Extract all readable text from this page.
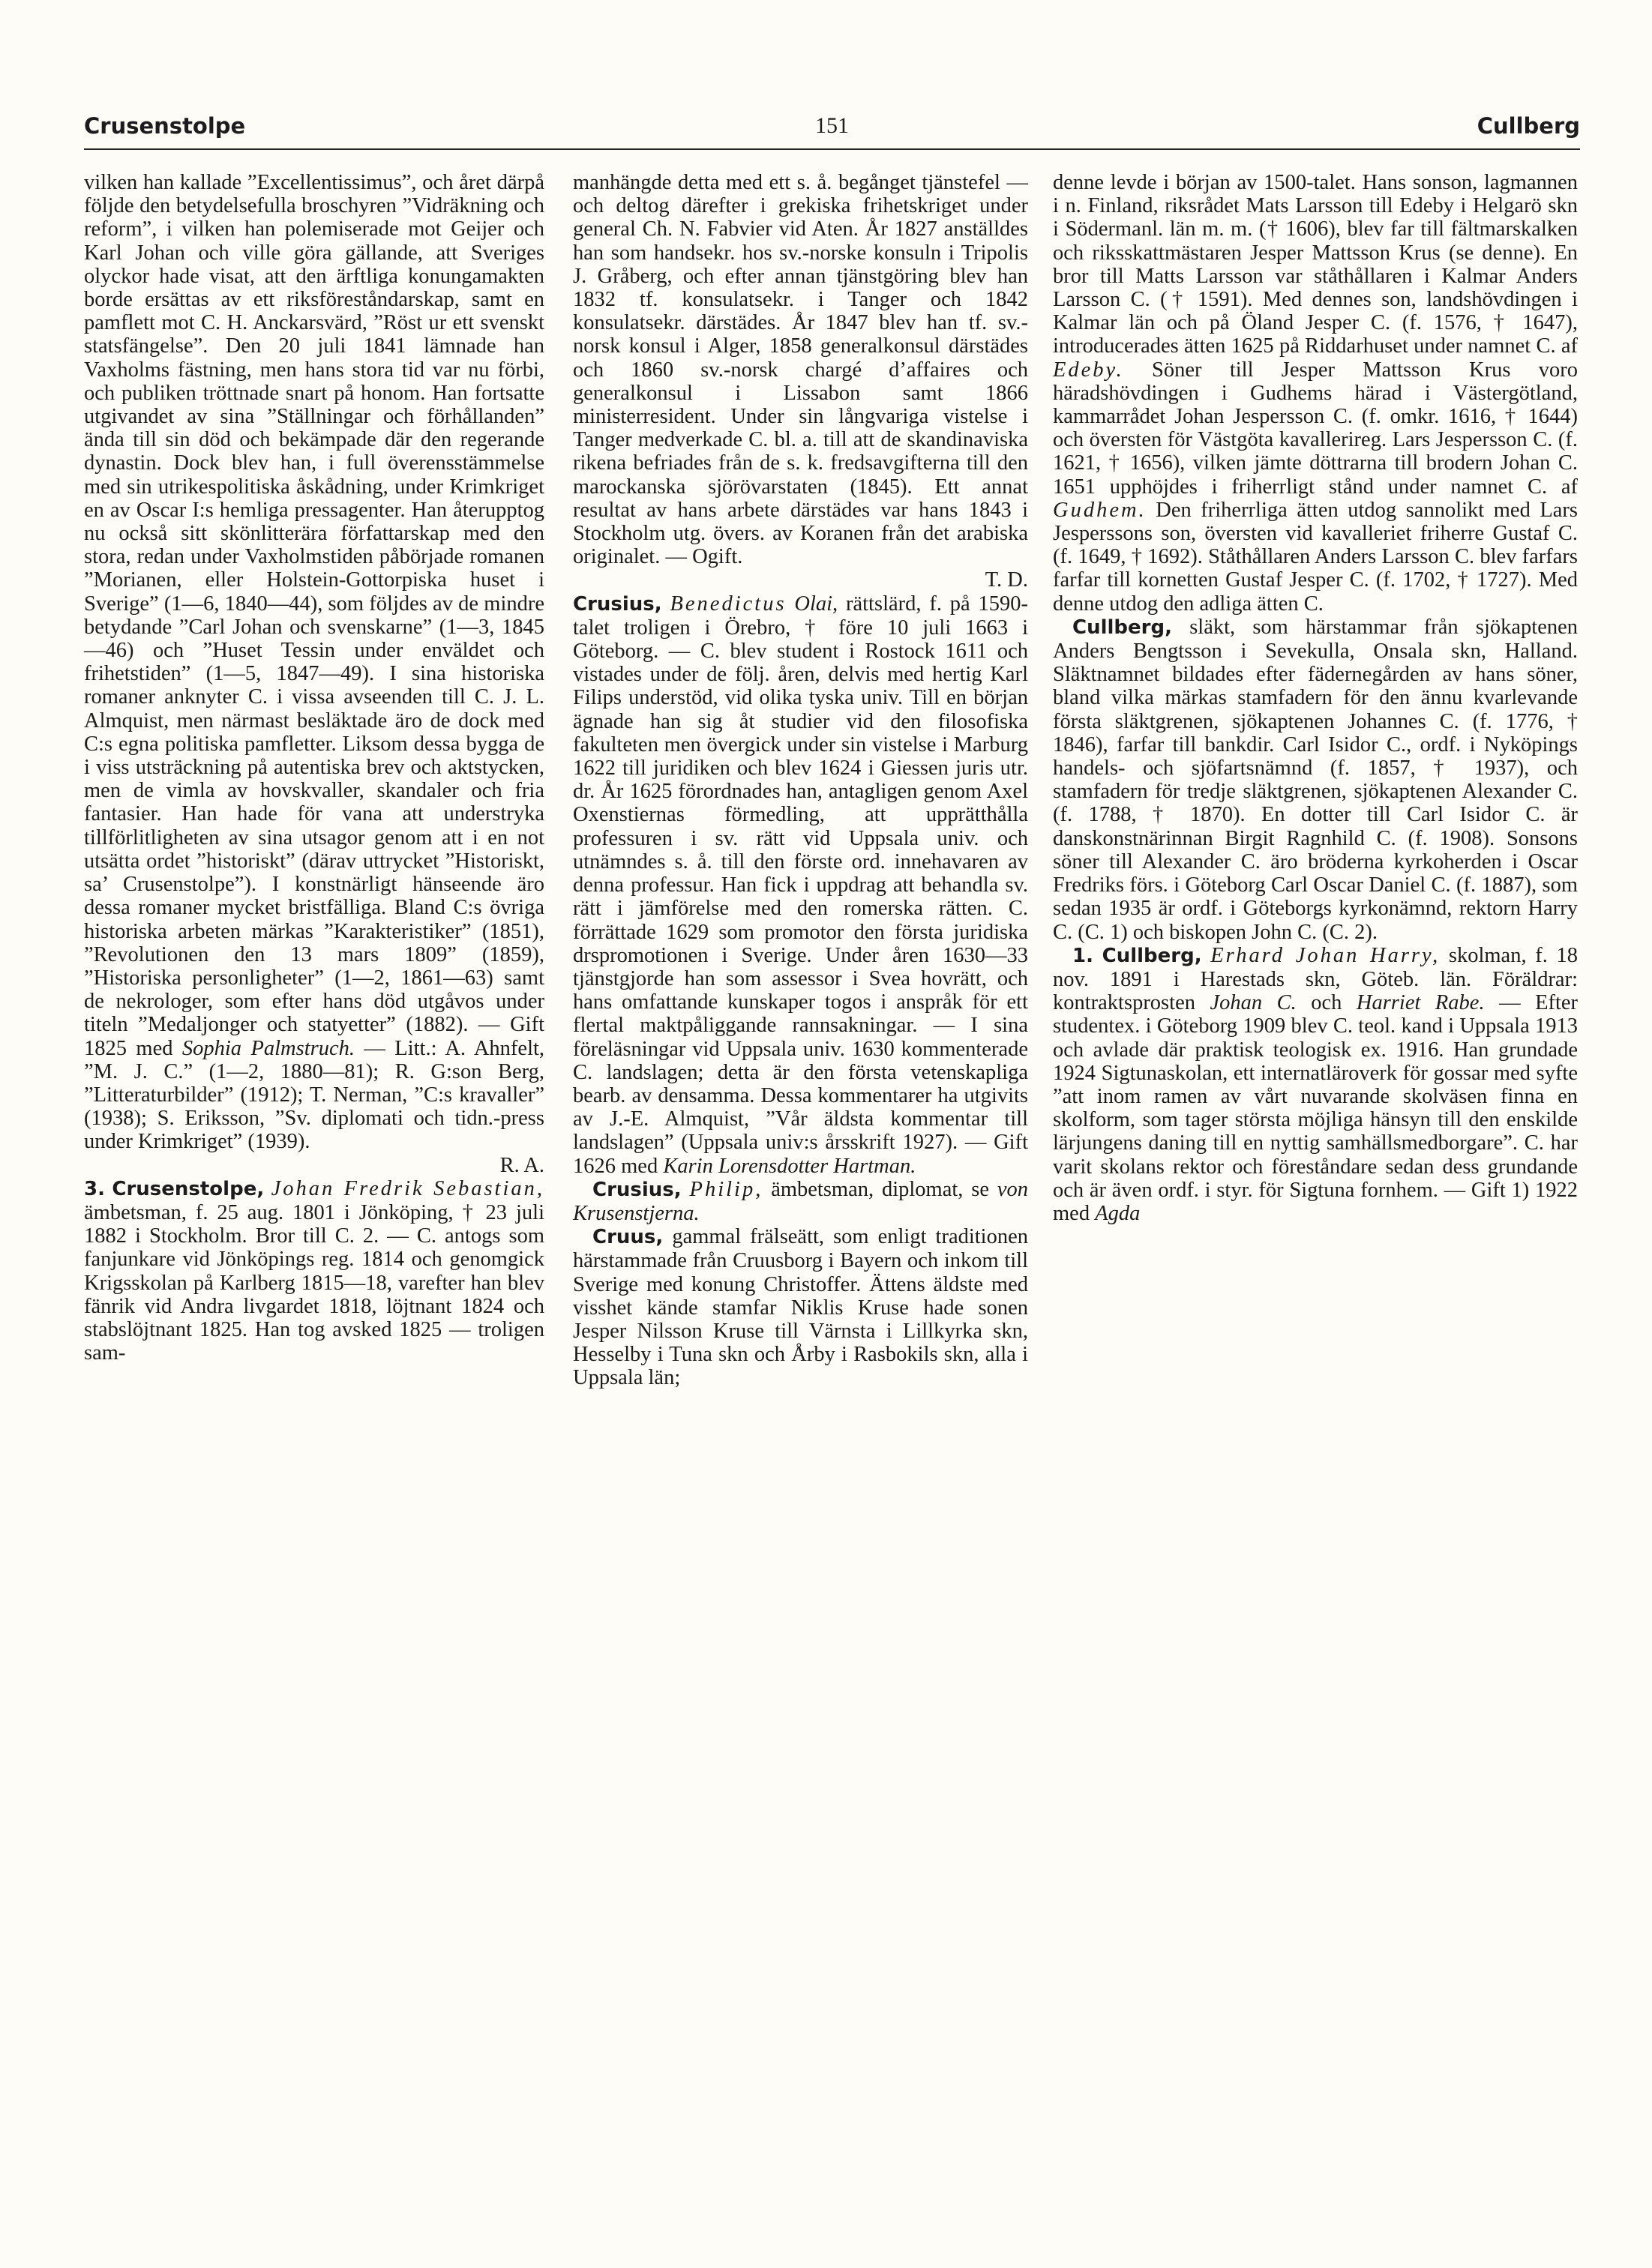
Crusenstolpe	151	Cullberg

vilken han kallade ”Excellentissimus”, och året därpå följde den betydelsefulla broschyren ”Vidräkning och reform”, i vilken han polemiserade mot Geijer och Karl Johan och ville göra gällande, att Sveriges olyckor hade visat, att den ärftliga konungamakten borde ersättas av ett riksföreståndarskap, samt en pamflett mot C. H. Anckarsvärd, ”Röst ur ett svenskt statsfängelse”. Den 20 juli 1841 lämnade han Vaxholms fästning, men hans stora tid var nu förbi, och publiken tröttnade snart på honom. Han fortsatte utgivandet av sina ”Ställningar och förhållanden” ända till sin död och bekämpade där den regerande dynastin. Dock blev han, i full överensstämmelse med sin utrikespolitiska åskådning, under Krimkriget en av Oscar I:s hemliga pressagenter. Han återupptog nu också sitt skönlitterära författarskap med den stora, redan under Vaxholmstiden påbörjade romanen ”Morianen, eller Holstein-Gottorpiska huset i Sverige” (1—6, 1840—44), som följdes av de mindre betydande ”Carl Johan och svenskarne” (1—3, 1845—46) och ”Huset Tessin under enväldet och frihetstiden” (1—5, 1847—49). I sina historiska romaner anknyter C. i vissa avseenden till C. J. L. Almquist, men närmast besläktade äro de dock med C:s egna politiska pamfletter. Liksom dessa bygga de i viss utsträckning på autentiska brev och aktstycken, men de vimla av hovskvaller, skandaler och fria fantasier. Han hade för vana att understryka tillförlitligheten av sina utsagor genom att i en not utsätta ordet ”historiskt” (därav uttrycket ”Historiskt, sa’ Crusenstolpe”). I konstnärligt hänseende äro dessa romaner mycket bristfälliga. Bland C:s övriga historiska arbeten märkas ”Karakteristiker” (1851), ”Revolutionen den 13 mars 1809” (1859), ”Historiska personligheter” (1—2, 1861—63) samt de nekrologer, som efter hans död utgåvos under titeln ”Medaljonger och statyetter” (1882). — Gift 1825 med Sophia Palmstruch. — Litt.: A. Ahnfelt, ”M. J. C.” (1—2, 1880—81); R. G:son Berg, ”Litteraturbilder” (1912); T. Nerman, ”C:s kravaller” (1938); S. Eriksson, ”Sv. diplomati och tidn.-press under Krimkriget” (1939).

R. A.

3. Crusenstolpe, Johan Fredrik Sebastian, ämbetsman, f. 25 aug. 1801 i Jönköping, † 23 juli 1882 i Stockholm. Bror till C. 2. — C. antogs som fanjunkare vid Jönköpings reg. 1814 och genomgick Krigsskolan på Karlberg 1815—18, varefter han blev fänrik vid Andra livgardet 1818, löjtnant 1824 och stabslöjtnant 1825. Han tog avsked 1825 — troligen sam-

manhängde detta med ett s. å. begånget tjänstefel — och deltog därefter i grekiska frihetskriget under general Ch. N. Fabvier vid Aten. År 1827 anställdes han som handsekr. hos sv.-norske konsuln i Tripolis J. Gråberg, och efter annan tjänstgöring blev han 1832 tf. konsulatsekr. i Tanger och 1842 konsulatsekr. därstädes. År 1847 blev han tf. sv.-norsk konsul i Alger, 1858 generalkonsul därstädes och 1860 sv.-norsk chargé d’affaires och generalkonsul i Lissabon samt 1866 ministerresident. Under sin långvariga vistelse i Tanger medverkade C. bl. a. till att de skandinaviska rikena befriades från de s. k. fredsavgifterna till den marockanska sjörövarstaten (1845). Ett annat resultat av hans arbete därstädes var hans 1843 i Stockholm utg. övers. av Koranen från det arabiska originalet. — Ogift.

T. D.

Crusius, Benedictus Olai, rättslärd, f. på 1590-talet troligen i Örebro, † före 10 juli 1663 i Göteborg. — C. blev student i Rostock 1611 och vistades under de följ. åren, delvis med hertig Karl Filips understöd, vid olika tyska univ. Till en början ägnade han sig åt studier vid den filosofiska fakulteten men övergick under sin vistelse i Marburg 1622 till juridiken och blev 1624 i Giessen juris utr. dr. År 1625 förordnades han, antagligen genom Axel Oxenstiernas förmedling, att upprätthålla professuren i sv. rätt vid Uppsala univ. och utnämndes s. å. till den förste ord. innehavaren av denna professur. Han fick i uppdrag att behandla sv. rätt i jämförelse med den romerska rätten. C. förrättade 1629 som promotor den första juridiska drspromotionen i Sverige. Under åren 1630—33 tjänstgjorde han som assessor i Svea hovrätt, och hans omfattande kunskaper togos i anspråk för ett flertal maktpåliggande rannsakningar. — I sina föreläsningar vid Uppsala univ. 1630 kommenterade C. landslagen; detta är den första vetenskapliga bearb. av densamma. Dessa kommentarer ha utgivits av J.-E. Almquist, ”Vår äldsta kommentar till landslagen” (Uppsala univ:s årsskrift 1927). — Gift 1626 med Karin Lorensdotter Hartman.

Crusius, Philip, ämbetsman, diplomat, se von Krusenstjerna.

Cruus, gammal frälseätt, som enligt traditionen härstammade från Cruusborg i Bayern och inkom till Sverige med konung Christoffer. Ättens äldste med visshet kände stamfar Niklis Kruse hade sonen Jesper Nilsson Kruse till Värnsta i Lillkyrka skn, Hesselby i Tuna skn och Årby i Rasbokils skn, alla i Uppsala län;

denne levde i början av 1500-talet. Hans sonson, lagmannen i n. Finland, riksrådet Mats Larsson till Edeby i Helgarö skn i Södermanl. län m. m. († 1606), blev far till fältmarskalken och riksskattmästaren Jesper Mattsson Krus (se denne). En bror till Matts Larsson var ståthållaren i Kalmar Anders Larsson C. († 1591). Med dennes son, landshövdingen i Kalmar län och på Öland Jesper C. (f. 1576, † 1647), introducerades ätten 1625 på Riddarhuset under namnet C. af Edeby. Söner till Jesper Mattsson Krus voro häradshövdingen i Gudhems härad i Västergötland, kammarrådet Johan Jespersson C. (f. omkr. 1616, † 1644) och översten för Västgöta kavallerireg. Lars Jespersson C. (f. 1621, † 1656), vilken jämte döttrarna till brodern Johan C. 1651 upphöjdes i friherrligt stånd under namnet C. af Gudhem. Den friherrliga ätten utdog sannolikt med Lars Jesperssons son, översten vid kavalleriet friherre Gustaf C. (f. 1649, † 1692). Ståthållaren Anders Larsson C. blev farfars farfar till kornetten Gustaf Jesper C. (f. 1702, † 1727). Med denne utdog den adliga ätten C.

Cullberg, släkt, som härstammar från sjökaptenen Anders Bengtsson i Sevekulla, Onsala skn, Halland. Släktnamnet bildades efter fädernegården av hans söner, bland vilka märkas stamfadern för den ännu kvarlevande första släktgrenen, sjökaptenen Johannes C. (f. 1776, † 1846), farfar till bankdir. Carl Isidor C., ordf. i Nyköpings handels- och sjöfartsnämnd (f. 1857, † 1937), och stamfadern för tredje släktgrenen, sjökaptenen Alexander C. (f. 1788, † 1870). En dotter till Carl Isidor C. är danskonstnärinnan Birgit Ragnhild C. (f. 1908). Sonsons söner till Alexander C. äro bröderna kyrkoherden i Oscar Fredriks förs. i Göteborg Carl Oscar Daniel C. (f. 1887), som sedan 1935 är ordf. i Göteborgs kyrkonämnd, rektorn Harry C. (C. 1) och biskopen John C. (C. 2).

1. Cullberg, Erhard Johan Harry, skolman, f. 18 nov. 1891 i Harestads skn, Göteb. län. Föräldrar: kontraktsprosten Johan C. och Harriet Rabe. — Efter studentex. i Göteborg 1909 blev C. teol. kand i Uppsala 1913 och avlade där praktisk teologisk ex. 1916. Han grundade 1924 Sigtunaskolan, ett internatläroverk för gossar med syfte ”att inom ramen av vårt nuvarande skolväsen finna en skolform, som tager största möjliga hänsyn till den enskilde lärjungens daning till en nyttig samhällsmedborgare”. C. har varit skolans rektor och föreståndare sedan dess grundande och är även ordf. i styr. för Sigtuna fornhem. — Gift 1) 1922 med Agda
